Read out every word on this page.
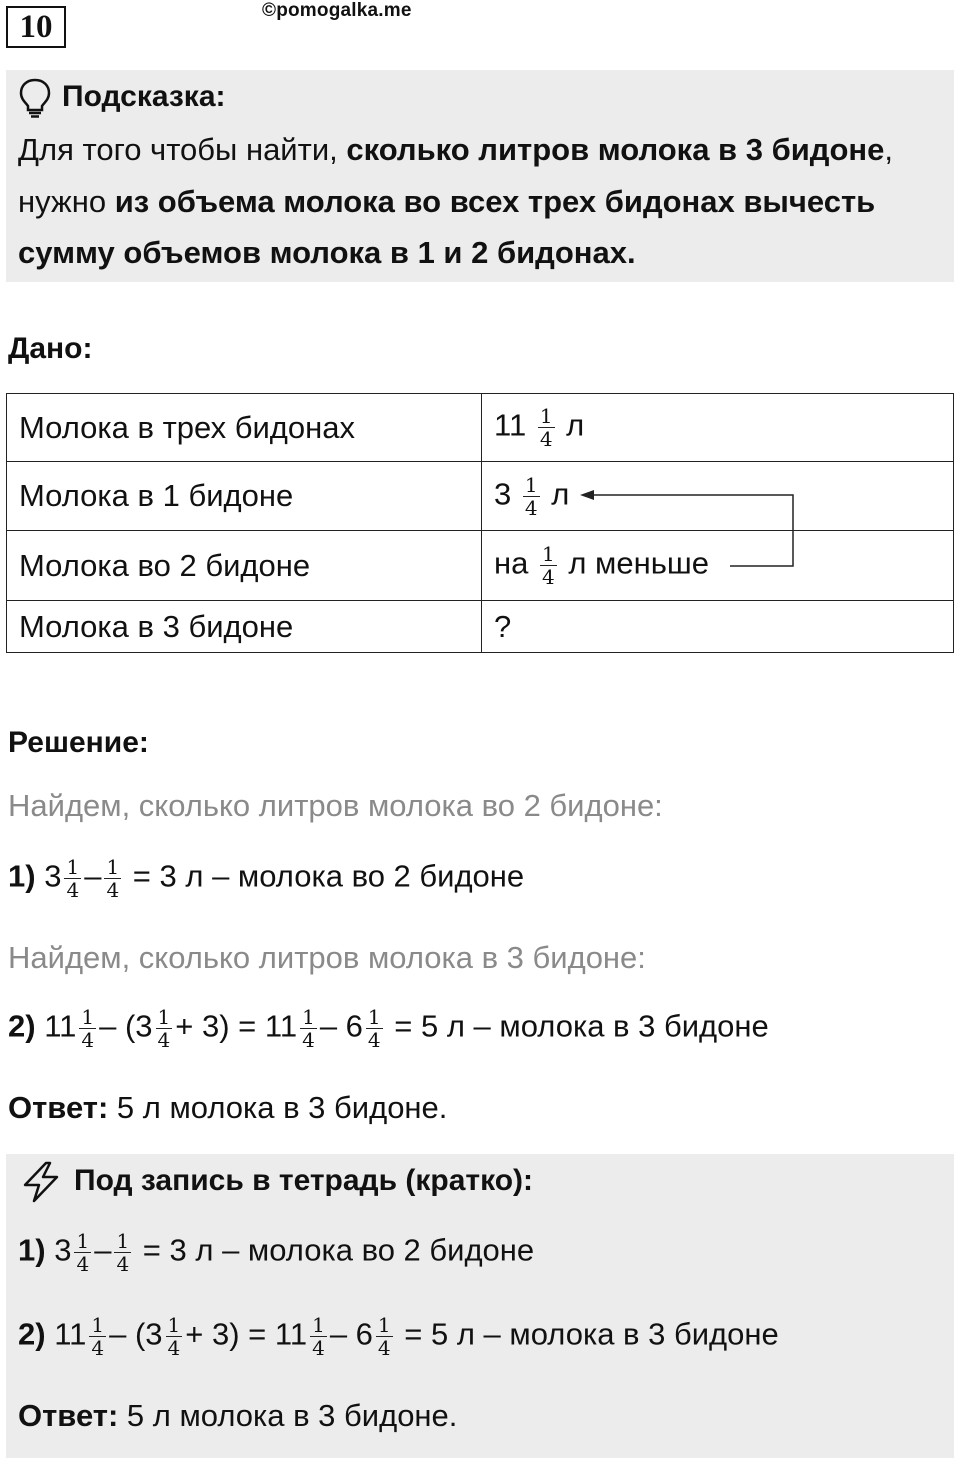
10	©pomogalka.me
Подсказка:
Для того чтобы найти, сколько литров молока в 3 бидоне,
нужно из объема молока во всех трех бидонах вычесть
сумму объемов молока в 1 и 2 бидонах.
Дано:
Молока в трех бидонах	$11 \frac{1}{4}$ л
Молока в 1 бидоне	$3 \frac{1}{4}$ л
Молока во 2 бидоне	на $\frac{1}{4}$ л меньше
Молока в 3 бидоне	?
Решение:
Найдем, сколько литров молока во 2 бидоне:
1) $3 \frac{1}{4} - \frac{1}{4} = 3$ л – молока во 2 бидоне
Найдем, сколько литров молока в 3 бидоне:
2) $11 \frac{1}{4} - (3 \frac{1}{4} + 3) = 11 \frac{1}{4} - 6 \frac{1}{4} = 5$ л – молока в 3 бидоне
Ответ: 5 л молока в 3 бидоне.
Под запись в тетрадь (кратко):
1) $3 \frac{1}{4} - \frac{1}{4} = 3$ л – молока во 2 бидоне
2) $11 \frac{1}{4} - (3 \frac{1}{4} + 3) = 11 \frac{1}{4} - 6 \frac{1}{4} = 5$ л – молока в 3 бидоне
Ответ: 5 л молока в 3 бидоне.
